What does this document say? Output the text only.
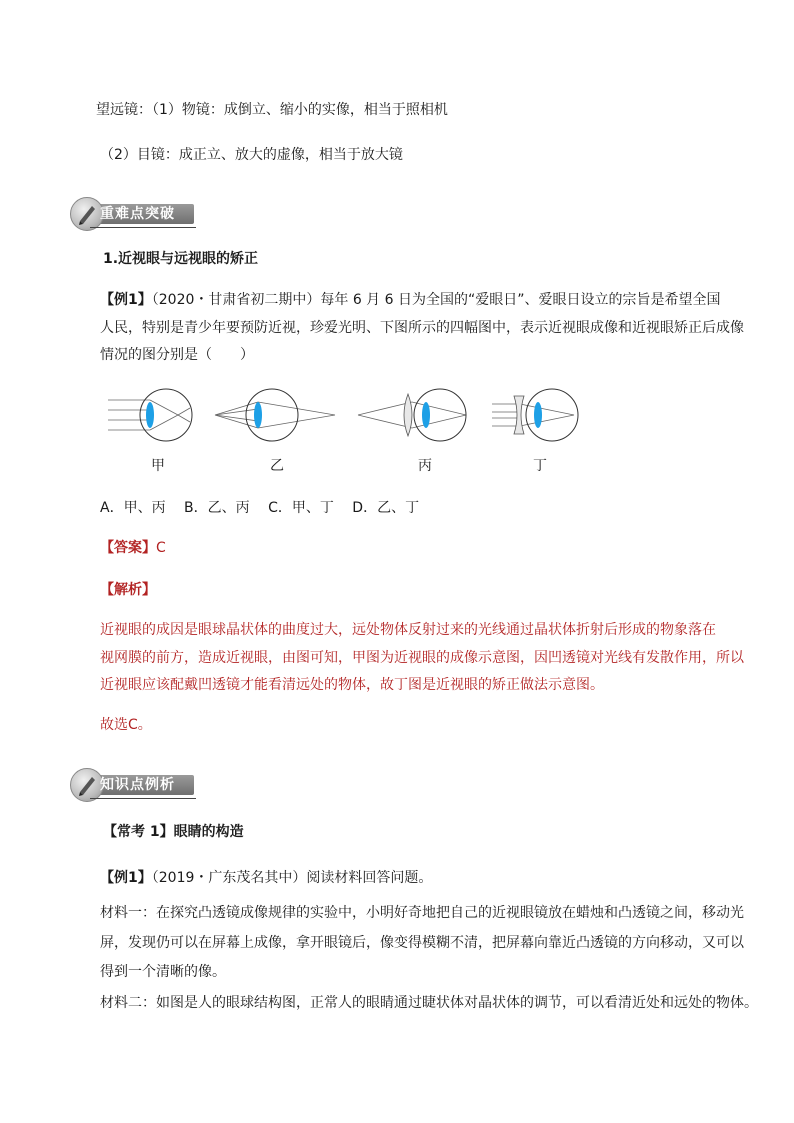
望远镜：（1）物镜：成倒立、缩小的实像，相当于照相机
（2）目镜：成正立、放大的虚像，相当于放大镜
重难点突破
1.近视眼与远视眼的矫正
【例1】（2020・甘肃省初二期中）每年 6 月 6 日为全国的“爱眼日”、爱眼日设立的宗旨是希望全国
人民，特别是青少年要预防近视，珍爱光明、下图所示的四幅图中，表示近视眼成像和近视眼矫正后成像
情况的图分别是（　　）
甲	乙	丙	丁
A．甲、丙　 B．乙、丙　 C．甲、丁　 D．乙、丁
【答案】C
【解析】
近视眼的成因是眼球晶状体的曲度过大，远处物体反射过来的光线通过晶状体折射后形成的物象落在
视网膜的前方，造成近视眼，由图可知，甲图为近视眼的成像示意图，因凹透镜对光线有发散作用，所以
近视眼应该配戴凹透镜才能看清远处的物体，故丁图是近视眼的矫正做法示意图。
故选C。
知识点例析
【常考 1】眼睛的构造
【例1】（2019・广东茂名其中）阅读材料回答问题。
材料一：在探究凸透镜成像规律的实验中，小明好奇地把自己的近视眼镜放在蜡烛和凸透镜之间，移动光
屏，发现仍可以在屏幕上成像，拿开眼镜后，像变得模糊不清，把屏幕向靠近凸透镜的方向移动，又可以
得到一个清晰的像。
材料二：如图是人的眼球结构图，正常人的眼睛通过睫状体对晶状体的调节，可以看清近处和远处的物体。
